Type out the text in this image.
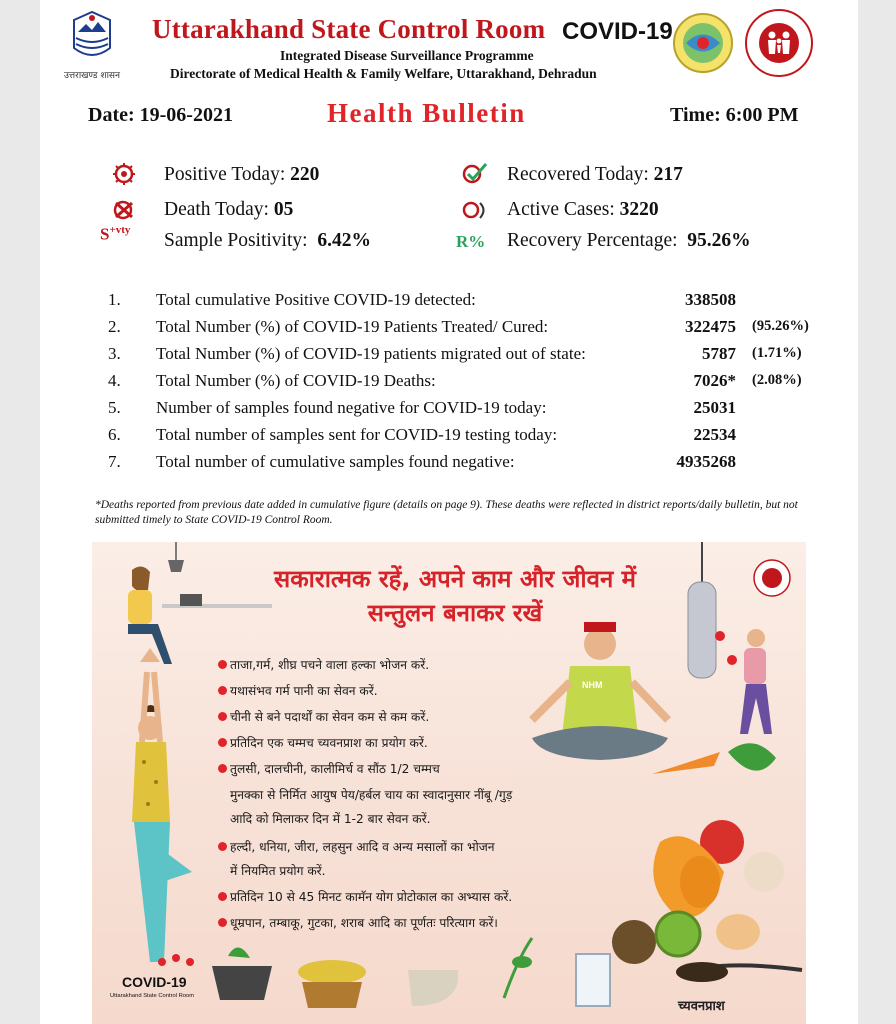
उत्तराखण्ड शासन
Uttarakhand State Control Room COVID-19
Integrated Disease Surveillance Programme
Directorate of Medical Health & Family Welfare, Uttarakhand, Dehradun
Date: 19-06-2021	Health Bulletin	Time: 6:00 PM
$S^{+vty}$
R%
Positive Today: 220
Death Today: 05
Sample Positivity: 6.42%
Recovered Today: 217
Active Cases: 3220
Recovery Percentage: 95.26%
1.	Total cumulative Positive COVID-19 detected:	338508
2.	Total Number (%) of COVID-19 Patients Treated/ Cured:	322475 (95.26%)
3.	Total Number (%) of COVID-19 patients migrated out of state:	5787 (1.71%)
4.	Total Number (%) of COVID-19 Deaths:	7026* (2.08%)
5.	Number of samples found negative for COVID-19 today:	25031
6.	Total number of samples sent for COVID-19 testing today:	22534
7.	Total number of cumulative samples found negative:	4935268
*Deaths reported from previous date added in cumulative figure (details on page 9). These deaths were reflected in district reports/daily bulletin, but not submitted timely to State COVID-19 Control Room.
सकारात्मक रहें, अपने काम और जीवन में
सन्तुलन बनाकर रखें
ताजा,गर्म, शीघ्र पचने वाला हल्का भोजन करें.
यथासंभव गर्म पानी का सेवन करें.
चीनी से बने पदार्थों का सेवन कम से कम करें.
प्रतिदिन एक चम्मच च्यवनप्राश का प्रयोग करें.
तुलसी, दालचीनी, कालीमिर्च व सौंठ 1/2 चम्मच
मुनक्का से निर्मित आयुष पेय/हर्बल चाय का स्वादानुसार नींबू /गुड़
आदि को मिलाकर दिन में 1-2 बार सेवन करें.
हल्दी, धनिया, जीरा, लहसुन आदि व अन्य मसालों का भोजन
में नियमित प्रयोग करें.
प्रतिदिन 10 से 45 मिनट कामॅन योग प्रोटोकाल का अभ्यास करें.
धूम्रपान, तम्बाकू, गुटका, शराब आदि का पूर्णतः परित्याग करें।
NHM
COVID-19
Uttarakhand State Control Room
च्यवनप्राश
